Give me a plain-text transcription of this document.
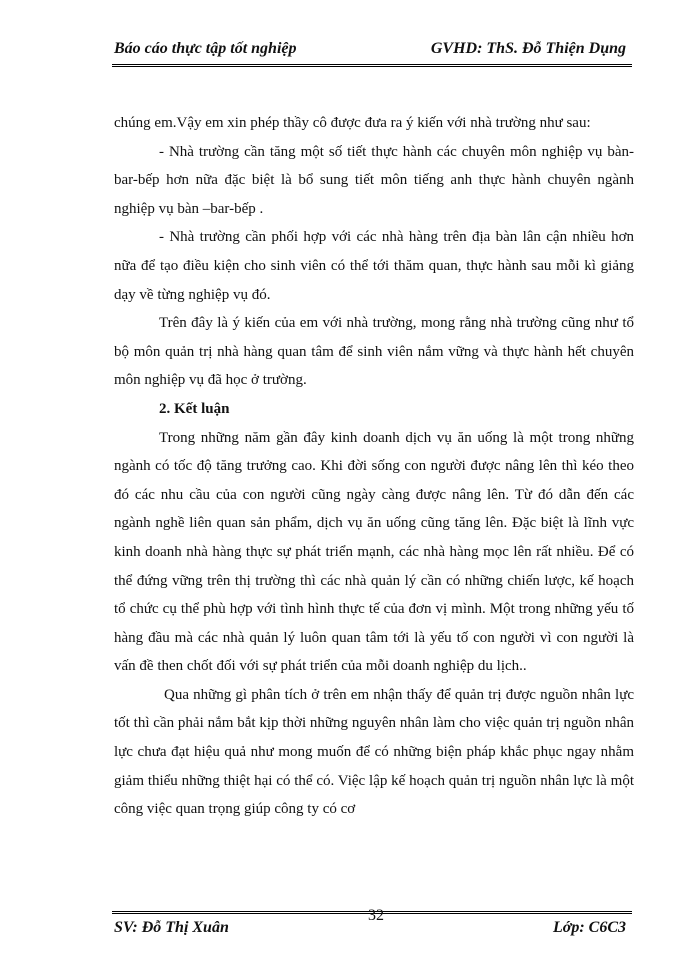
Báo cáo thực tập tốt nghiệp	GVHD: ThS. Đỗ Thiện Dụng

chúng em.Vậy em xin phép thầy cô được đưa ra ý kiến với nhà trường như sau:

- Nhà trường cần tăng một số tiết thực hành các chuyên môn nghiệp vụ bàn-bar-bếp hơn nữa đặc biệt là bổ sung tiết môn tiếng anh thực hành chuyên ngành nghiệp vụ bàn –bar-bếp .

- Nhà trường cần phối hợp với các nhà hàng trên địa bàn lân cận nhiều hơn nữa để tạo điều kiện cho sinh viên có thể tới thăm quan, thực hành sau mỗi kì giảng dạy về từng nghiệp vụ đó.

Trên đây là ý kiến của em với nhà trường, mong rằng nhà trường cũng như tổ bộ môn quản trị nhà hàng quan tâm để sinh viên nắm vững và thực hành hết chuyên môn nghiệp vụ đã học ở trường.

2. Kết luận

Trong những năm gần đây kinh doanh dịch vụ ăn uống là một trong những ngành có tốc độ tăng trưởng cao. Khi đời sống con người được nâng lên thì kéo theo đó các nhu cầu của con người cũng ngày càng được nâng lên. Từ đó dẫn đến các ngành nghề liên quan sản phẩm, dịch vụ ăn uống cũng tăng lên. Đặc biệt là lĩnh vực kinh doanh nhà hàng thực sự phát triển mạnh, các nhà hàng mọc lên rất nhiều. Để có thể đứng vững trên thị trường thì các nhà quản lý cần có những chiến lược, kế hoạch tổ chức cụ thể phù hợp với tình hình thực tế của đơn vị mình. Một trong những yếu tố hàng đầu mà các nhà quản lý luôn quan tâm tới là yếu tố con người vì con người là vấn đề then chốt đối với sự phát triển của mỗi doanh nghiệp du lịch..

Qua những gì phân tích ở trên em nhận thấy để quản trị được nguồn nhân lực tốt thì cần phải nắm bắt kịp thời những nguyên nhân làm cho việc quản trị nguồn nhân lực chưa đạt hiệu quả như mong muốn để có những biện pháp khắc phục ngay nhằm giảm thiểu những thiệt hại có thể có. Việc lập kế hoạch quản trị nguồn nhân lực là một công việc quan trọng giúp công ty có cơ

SV: Đỗ Thị Xuân
32
Lớp: C6C3
